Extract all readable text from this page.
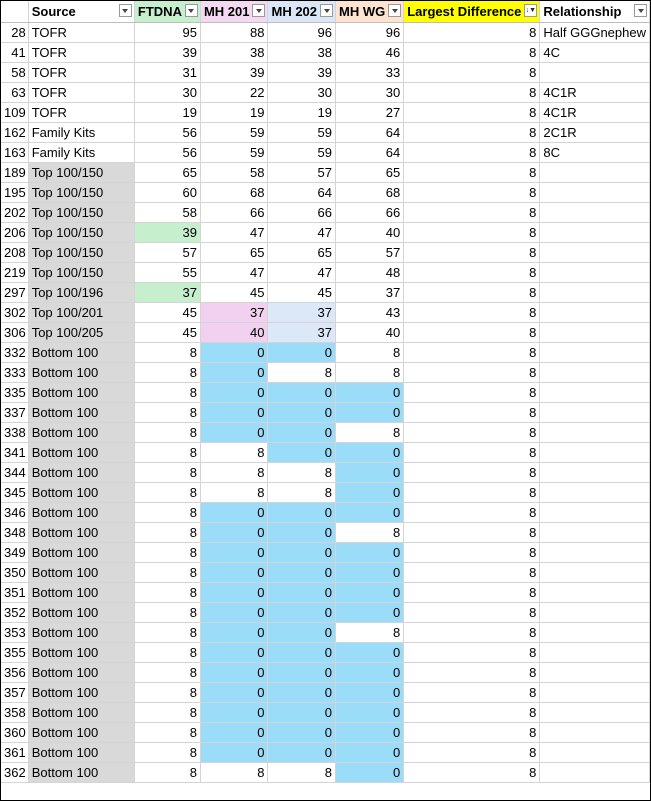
	Source	FTDNA	MH 201	MH 202	MH WG	Largest Difference ↓▼	Relationship

28	TOFR	95	88	96	96	8	Half GGGnephew
41	TOFR	39	38	38	46	8	4C
58	TOFR	31	39	39	33	8	
63	TOFR	30	22	30	30	8	4C1R
109	TOFR	19	19	19	27	8	4C1R
162	Family Kits	56	59	59	64	8	2C1R
163	Family Kits	56	59	59	64	8	8C
189	Top 100/150	65	58	57	65	8	
195	Top 100/150	60	68	64	68	8	
202	Top 100/150	58	66	66	66	8	
206	Top 100/150	39	47	47	40	8	
208	Top 100/150	57	65	65	57	8	
219	Top 100/150	55	47	47	48	8	
297	Top 100/196	37	45	45	37	8	
302	Top 100/201	45	37	37	43	8	
306	Top 100/205	45	40	37	40	8	
332	Bottom 100	8	0	0	8	8	
333	Bottom 100	8	0	8	8	8	
335	Bottom 100	8	0	0	0	8	
337	Bottom 100	8	0	0	0	8	
338	Bottom 100	8	0	0	8	8	
341	Bottom 100	8	8	0	0	8	
344	Bottom 100	8	8	8	0	8	
345	Bottom 100	8	8	8	0	8	
346	Bottom 100	8	0	0	0	8	
348	Bottom 100	8	0	0	8	8	
349	Bottom 100	8	0	0	0	8	
350	Bottom 100	8	0	0	0	8	
351	Bottom 100	8	0	0	0	8	
352	Bottom 100	8	0	0	0	8	
353	Bottom 100	8	0	0	8	8	
355	Bottom 100	8	0	0	0	8	
356	Bottom 100	8	0	0	0	8	
357	Bottom 100	8	0	0	0	8	
358	Bottom 100	8	0	0	0	8	
360	Bottom 100	8	0	0	0	8	
361	Bottom 100	8	0	0	0	8	
362	Bottom 100	8	8	8	0	8	
